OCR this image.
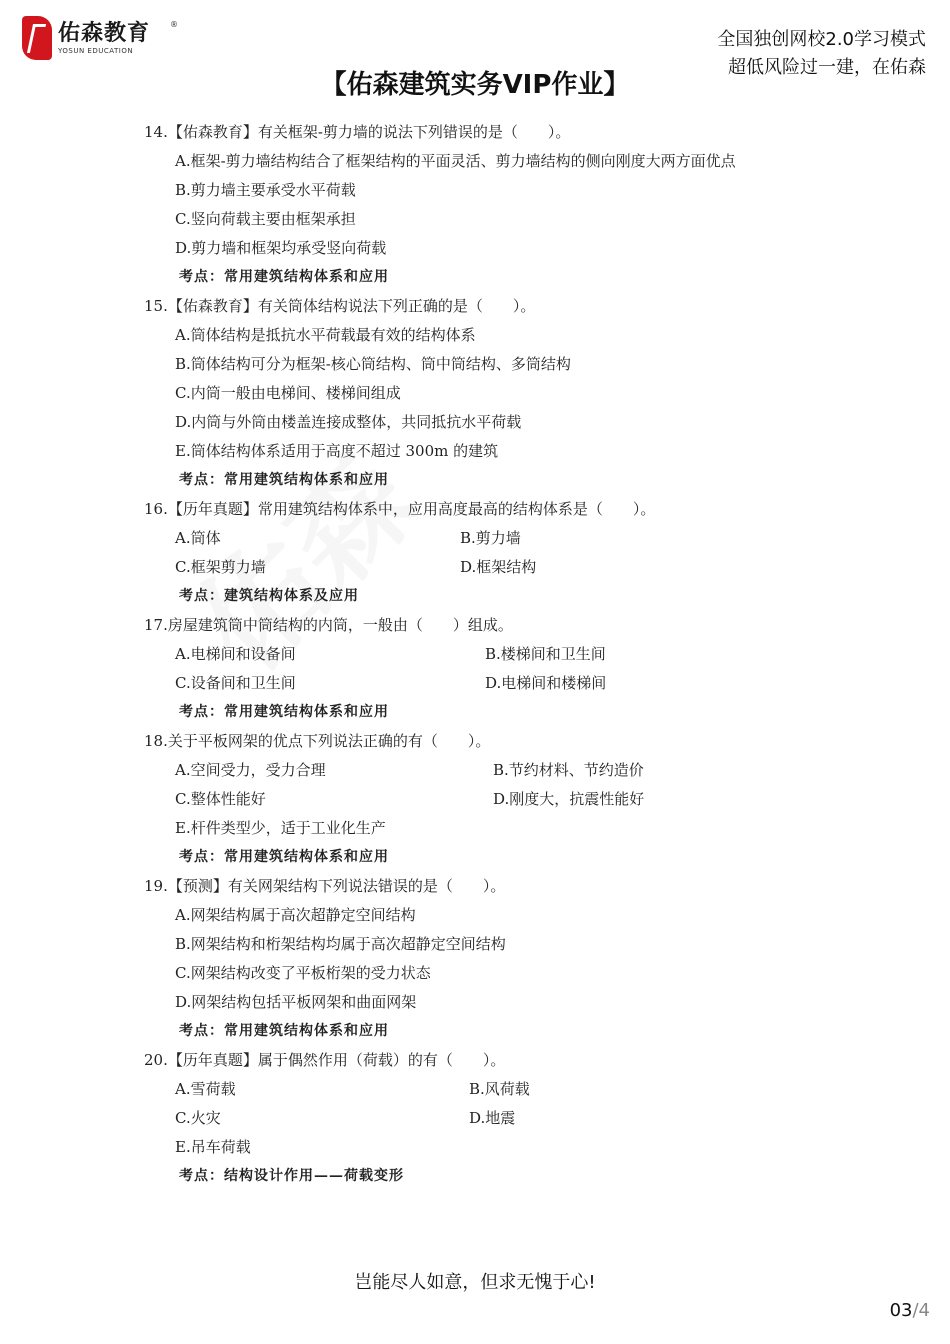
佑森教育
YOSUN EDUCATION
®
全国独创网校2.0学习模式
超低风险过一建，在佑森
【佑森建筑实务VIP作业】
14.【佑森教育】有关框架-剪力墙的说法下列错误的是（　　）。
A.框架-剪力墙结构结合了框架结构的平面灵活、剪力墙结构的侧向刚度大两方面优点
B.剪力墙主要承受水平荷载
C.竖向荷载主要由框架承担
D.剪力墙和框架均承受竖向荷载
考点：常用建筑结构体系和应用
15.【佑森教育】有关筒体结构说法下列正确的是（　　）。
A.筒体结构是抵抗水平荷载最有效的结构体系
B.筒体结构可分为框架-核心筒结构、筒中筒结构、多筒结构
C.内筒一般由电梯间、楼梯间组成
D.内筒与外筒由楼盖连接成整体，共同抵抗水平荷载
E.筒体结构体系适用于高度不超过 300m 的建筑
考点：常用建筑结构体系和应用
16.【历年真题】常用建筑结构体系中，应用高度最高的结构体系是（　　）。
A.筒体	B.剪力墙
C.框架剪力墙	D.框架结构
考点：建筑结构体系及应用
17.房屋建筑筒中筒结构的内筒，一般由（　　）组成。
A.电梯间和设备间	B.楼梯间和卫生间
C.设备间和卫生间	D.电梯间和楼梯间
考点：常用建筑结构体系和应用
18.关于平板网架的优点下列说法正确的有（　　）。
A.空间受力，受力合理	B.节约材料、节约造价
C.整体性能好	D.刚度大，抗震性能好
E.杆件类型少，适于工业化生产
考点：常用建筑结构体系和应用
19.【预测】有关网架结构下列说法错误的是（　　）。
A.网架结构属于高次超静定空间结构
B.网架结构和桁架结构均属于高次超静定空间结构
C.网架结构改变了平板桁架的受力状态
D.网架结构包括平板网架和曲面网架
考点：常用建筑结构体系和应用
20.【历年真题】属于偶然作用（荷载）的有（　　）。
A.雪荷载	B.风荷载
C.火灾	D.地震
E.吊车荷载
考点：结构设计作用——荷载变形
岂能尽人如意，但求无愧于心!
03/4
